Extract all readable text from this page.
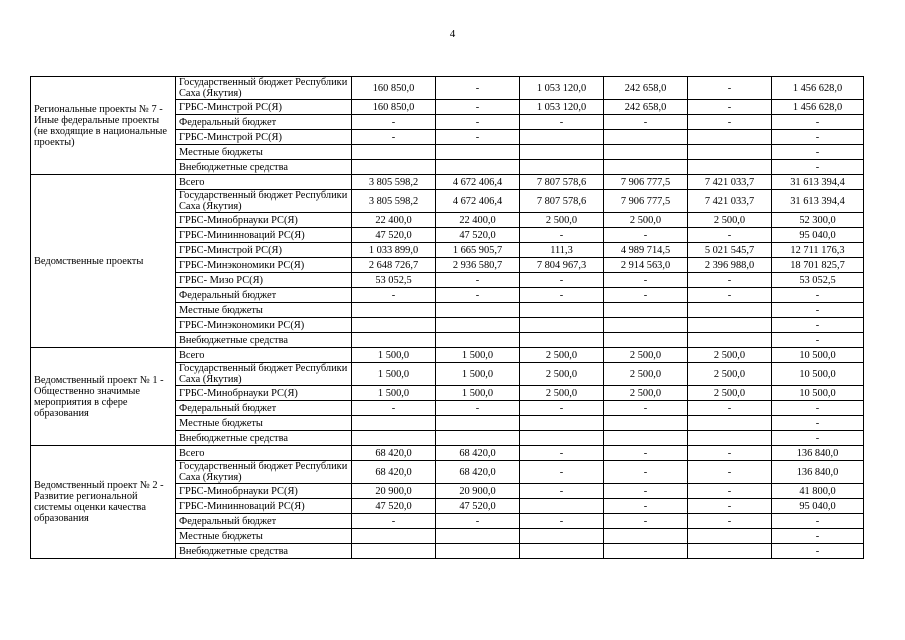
4
Региональные проекты № 7 - Иные федеральные проекты (не входящие в национальные проекты)	Государственный бюджет Республики Саха (Якутия)	160 850,0	-	1 053 120,0	242 658,0	-	1 456 628,0
	ГРБС-Минстрой РС(Я)	160 850,0	-	1 053 120,0	242 658,0	-	1 456 628,0
	Федеральный бюджет	-	-	-	-	-	-
	ГРБС-Минстрой РС(Я)	-	-				-
	Местные бюджеты						-
	Внебюджетные средства						-
Ведомственные проекты	Всего	3 805 598,2	4 672 406,4	7 807 578,6	7 906 777,5	7 421 033,7	31 613 394,4
	Государственный бюджет Республики Саха (Якутия)	3 805 598,2	4 672 406,4	7 807 578,6	7 906 777,5	7 421 033,7	31 613 394,4
	ГРБС-Минобрнауки РС(Я)	22 400,0	22 400,0	2 500,0	2 500,0	2 500,0	52 300,0
	ГРБС-Мининноваций РС(Я)	47 520,0	47 520,0	-	-	-	95 040,0
	ГРБС-Минстрой РС(Я)	1 033 899,0	1 665 905,7	111,3	4 989 714,5	5 021 545,7	12 711 176,3
	ГРБС-Минэкономики РС(Я)	2 648 726,7	2 936 580,7	7 804 967,3	2 914 563,0	2 396 988,0	18 701 825,7
	ГРБС- Мизо РС(Я)	53 052,5	-	-	-	-	53 052,5
	Федеральный бюджет	-	-	-	-	-	-
	Местные бюджеты						-
	ГРБС-Минэкономики РС(Я)						-
	Внебюджетные средства						-
Ведомственный проект № 1 - Общественно значимые мероприятия в сфере образования	Всего	1 500,0	1 500,0	2 500,0	2 500,0	2 500,0	10 500,0
	Государственный бюджет Республики Саха (Якутия)	1 500,0	1 500,0	2 500,0	2 500,0	2 500,0	10 500,0
	ГРБС-Минобрнауки РС(Я)	1 500,0	1 500,0	2 500,0	2 500,0	2 500,0	10 500,0
	Федеральный бюджет	-	-	-	-	-	-
	Местные бюджеты						-
	Внебюджетные средства						-
Ведомственный проект № 2 - Развитие региональной системы оценки качества образования	Всего	68 420,0	68 420,0	-	-	-	136 840,0
	Государственный бюджет Республики Саха (Якутия)	68 420,0	68 420,0	-	-	-	136 840,0
	ГРБС-Минобрнауки РС(Я)	20 900,0	20 900,0	-	-	-	41 800,0
	ГРБС-Мининноваций РС(Я)	47 520,0	47 520,0		-	-	95 040,0
	Федеральный бюджет	-	-	-	-	-	-
	Местные бюджеты						-
	Внебюджетные средства						-
